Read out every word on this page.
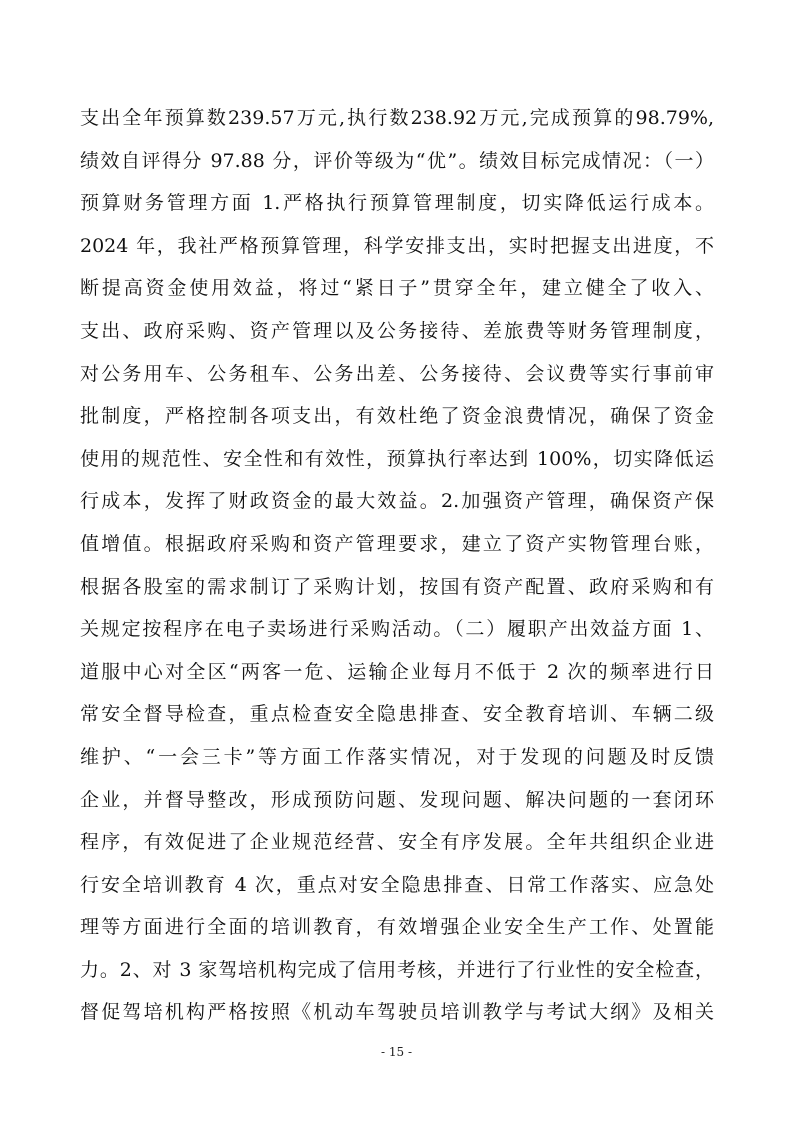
支出全年预算数239.57万元,执行数238.92万元,完成预算的98.79%,
绩效自评得分 97.88 分，评价等级为“优”。绩效目标完成情况：（一）
预算财务管理方面 1.严格执行预算管理制度，切实降低运行成本。
2024 年，我社严格预算管理，科学安排支出，实时把握支出进度，不
断提高资金使用效益，将过“紧日子”贯穿全年，建立健全了收入、
支出、政府采购、资产管理以及公务接待、差旅费等财务管理制度，
对公务用车、公务租车、公务出差、公务接待、会议费等实行事前审
批制度，严格控制各项支出，有效杜绝了资金浪费情况，确保了资金
使用的规范性、安全性和有效性，预算执行率达到 100%，切实降低运
行成本，发挥了财政资金的最大效益。2.加强资产管理，确保资产保
值增值。根据政府采购和资产管理要求，建立了资产实物管理台账，
根据各股室的需求制订了采购计划，按国有资产配置、政府采购和有
关规定按程序在电子卖场进行采购活动。（二）履职产出效益方面 1、
道服中心对全区“两客一危、运输企业每月不低于 2 次的频率进行日
常安全督导检查，重点检查安全隐患排查、安全教育培训、车辆二级
维护、“一会三卡”等方面工作落实情况，对于发现的问题及时反馈
企业，并督导整改，形成预防问题、发现问题、解决问题的一套闭环
程序，有效促进了企业规范经营、安全有序发展。全年共组织企业进
行安全培训教育 4 次，重点对安全隐患排查、日常工作落实、应急处
理等方面进行全面的培训教育，有效增强企业安全生产工作、处置能
力。2、对 3 家驾培机构完成了信用考核，并进行了行业性的安全检查，
督促驾培机构严格按照《机动车驾驶员培训教学与考试大纲》及相关
- 15 -
